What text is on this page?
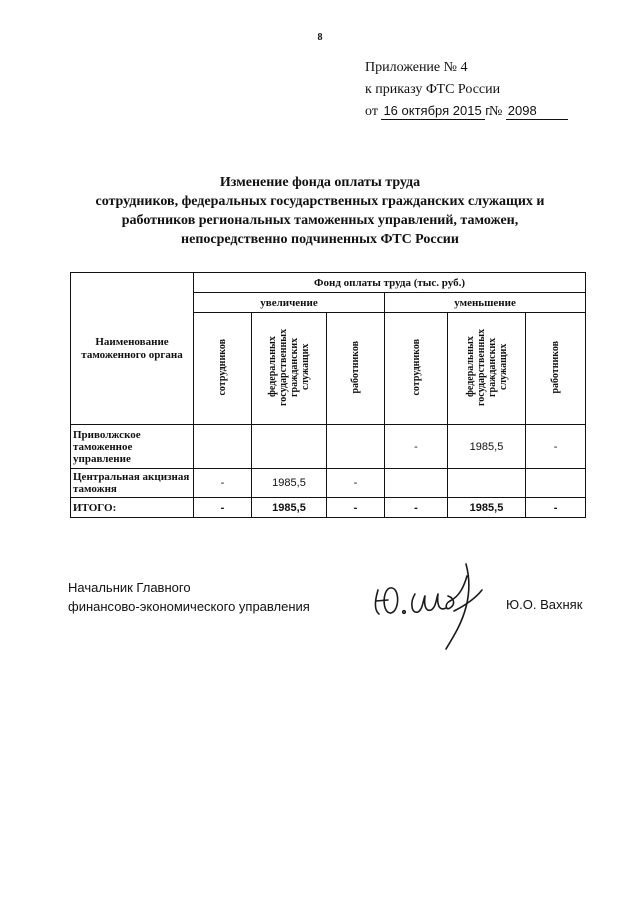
8
Приложение № 4
к приказу ФТС России
от 16 октября 2015 г. № 2098
Изменение фонда оплаты труда
сотрудников, федеральных государственных гражданских служащих и
работников региональных таможенных управлений, таможен,
непосредственно подчиненных ФТС России
Наименование таможенного органа	Фонд оплаты труда (тыс. руб.)					
	увеличение			уменьшение		
	сотрудников	федеральных государственных гражданских служащих	работников	сотрудников	федеральных государственных гражданских служащих	работников
Приволжское таможенное управление				-	1985,5	-
Центральная акцизная таможня	-	1985,5	-			
ИТОГО:	-	1985,5	-	-	1985,5	-
Начальник Главного
финансово-экономического управления	Ю.О. Вахняк
